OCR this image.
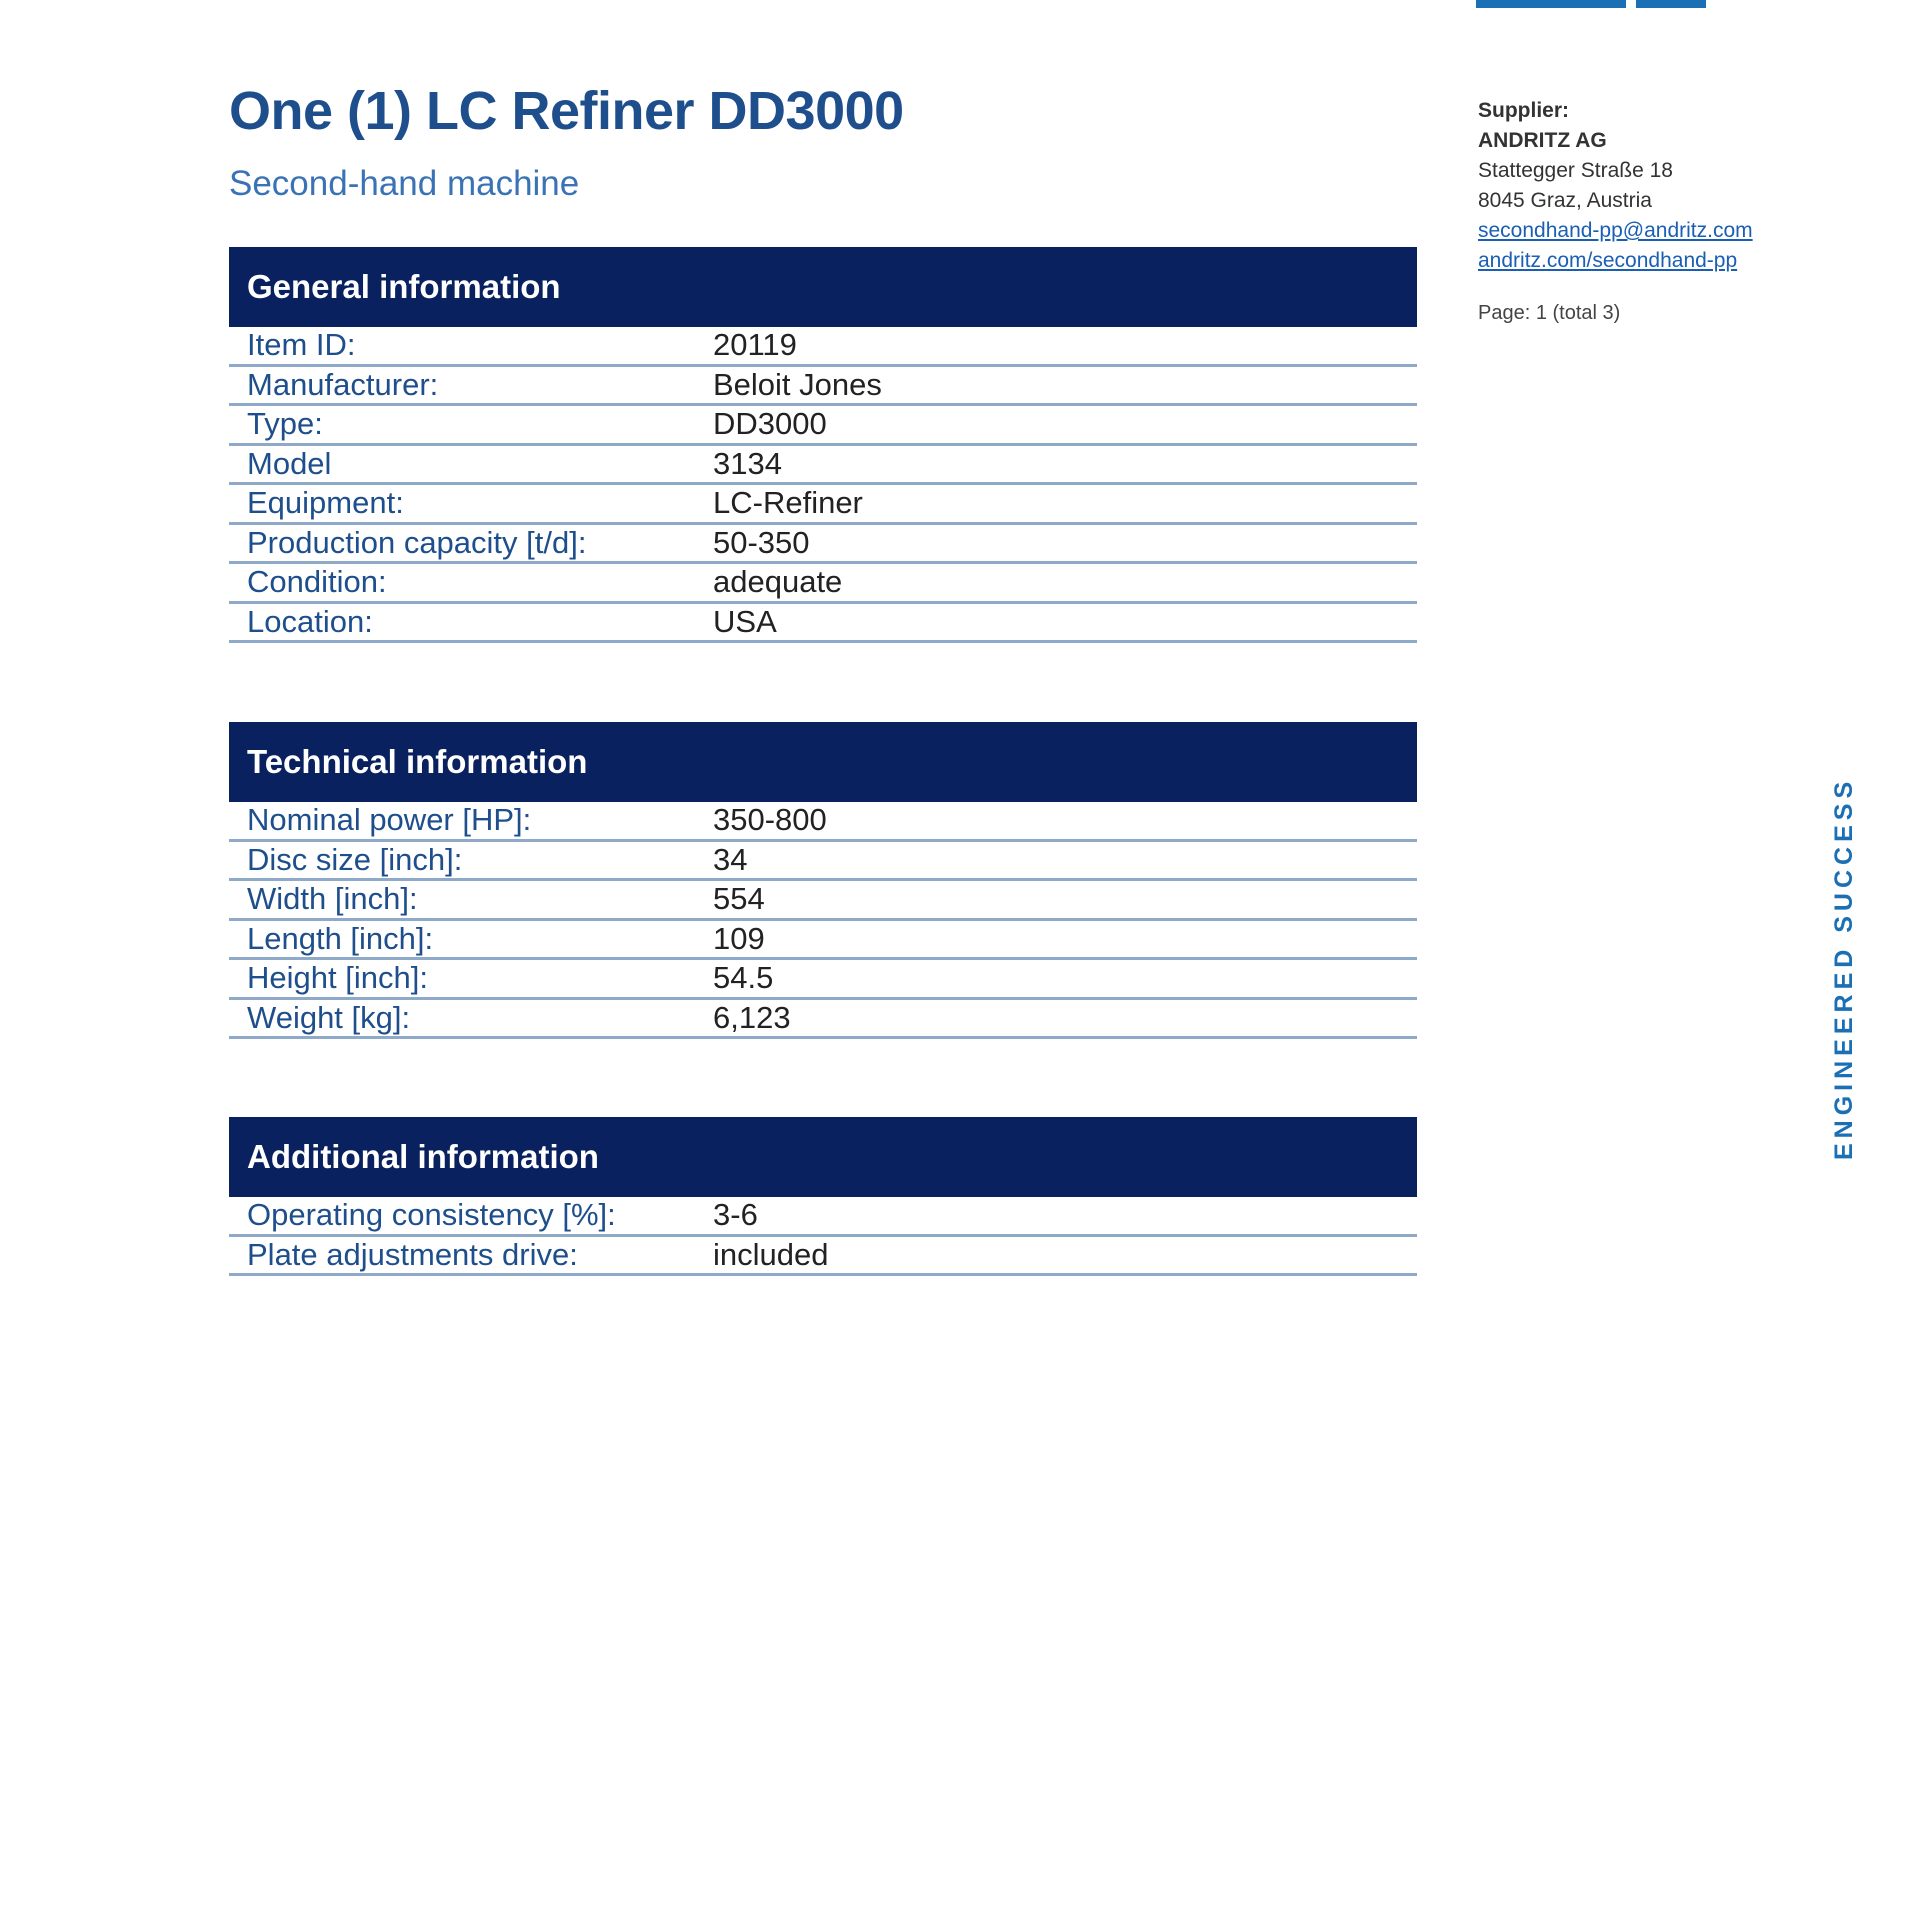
One (1) LC Refiner DD3000
Second-hand machine
General information
Item ID:	20119
Manufacturer:	Beloit Jones
Type:	DD3000
Model	3134
Equipment:	LC-Refiner
Production capacity [t/d]:	50-350
Condition:	adequate
Location:	USA
Technical information
Nominal power [HP]:	350-800
Disc size [inch]:	34
Width [inch]:	554
Length [inch]:	109
Height [inch]:	54.5
Weight [kg]:	6,123
Additional information
Operating consistency [%]:	3-6
Plate adjustments drive:	included
Supplier:
ANDRITZ AG
Stattegger Straße 18
8045 Graz, Austria
secondhand-pp@andritz.com
andritz.com/secondhand-pp
Page: 1 (total 3)
ENGINEERED SUCCESS
